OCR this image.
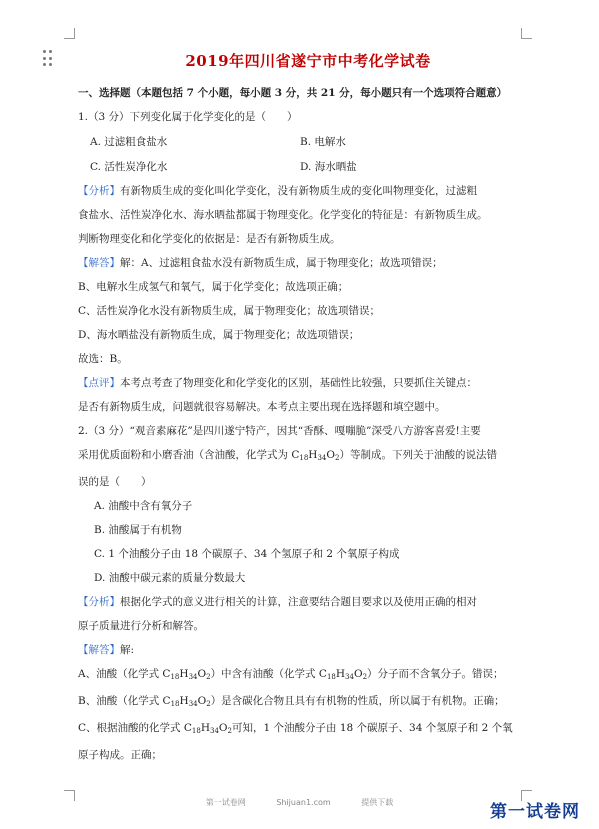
2019年四川省遂宁市中考化学试卷
一、选择题（本题包括 7 个小题，每小题 3 分，共 21 分，每小题只有一个选项符合题意）
1.（3 分）下列变化属于化学变化的是（　　）
A. 过滤粗食盐水	B. 电解水
C. 活性炭净化水	D. 海水晒盐
【分析】有新物质生成的变化叫化学变化，没有新物质生成的变化叫物理变化，过滤粗
食盐水、活性炭净化水、海水晒盐都属于物理变化。化学变化的特征是：有新物质生成。
判断物理变化和化学变化的依据是：是否有新物质生成。
【解答】解：A、过滤粗食盐水没有新物质生成，属于物理变化；故选项错误；
B、电解水生成氢气和氧气，属于化学变化；故选项正确；
C、活性炭净化水没有新物质生成，属于物理变化；故选项错误；
D、海水晒盐没有新物质生成，属于物理变化；故选项错误；
故选：B。
【点评】本考点考查了物理变化和化学变化的区别，基础性比较强，只要抓住关键点：
是否有新物质生成，问题就很容易解决。本考点主要出现在选择题和填空题中。
2.（3 分）“观音素麻花”是四川遂宁特产，因其“香酥、嘎嘣脆”深受八方游客喜爱!主要
采用优质面粉和小磨香油（含油酸，化学式为 $C_{18}H_{34}O_2$）等制成。下列关于油酸的说法错
误的是（　　）
A. 油酸中含有氧分子
B. 油酸属于有机物
C. 1 个油酸分子由 18 个碳原子、34 个氢原子和 2 个氧原子构成
D. 油酸中碳元素的质量分数最大
【分析】根据化学式的意义进行相关的计算，注意要结合题目要求以及使用正确的相对
原子质量进行分析和解答。
【解答】解:
A、油酸（化学式 $C_{18}H_{34}O_2$）中含有油酸（化学式 $C_{18}H_{34}O_2$）分子而不含氧分子。错误；
B、油酸（化学式 $C_{18}H_{34}O_2$）是含碳化合物且具有有机物的性质，所以属于有机物。正确；
C、根据油酸的化学式 $C_{18}H_{34}O_2$可知，1 个油酸分子由 18 个碳原子、34 个氢原子和 2 个氧
原子构成。正确；
第一试卷网	Shijuan1.com	提供下载	第一试卷网
